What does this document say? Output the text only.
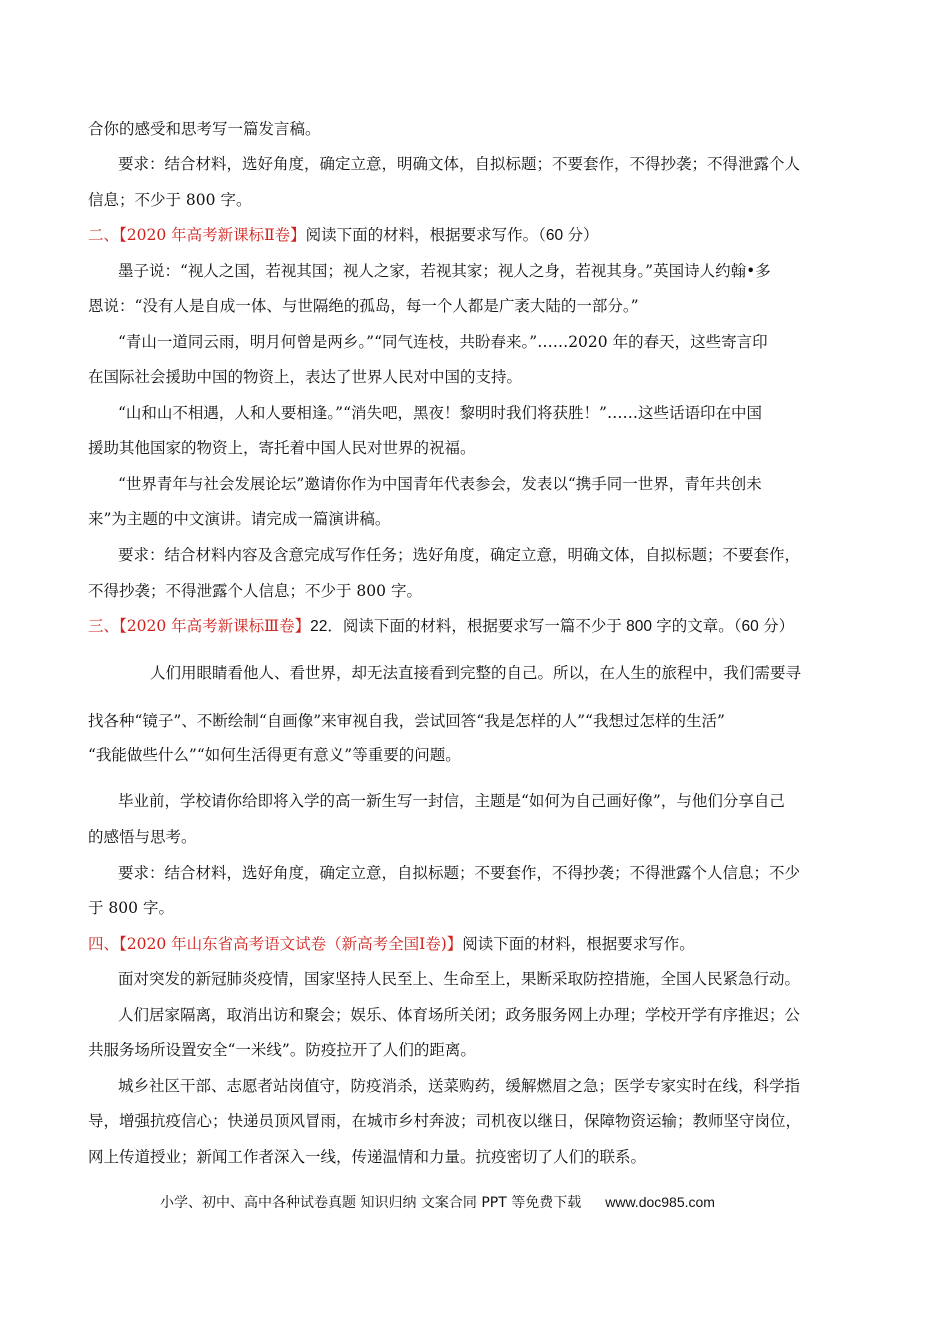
合你的感受和思考写一篇发言稿。
要求：结合材料，选好角度，确定立意，明确文体，自拟标题；不要套作，不得抄袭；不得泄露个人
信息；不少于 800 字。
二、【2020 年高考新课标Ⅱ卷】阅读下面的材料，根据要求写作。（60 分）
墨子说：“视人之国，若视其国；视人之家，若视其家；视人之身，若视其身。”英国诗人约翰•多
恩说：“没有人是自成一体、与世隔绝的孤岛，每一个人都是广袤大陆的一部分。”
“青山一道同云雨，明月何曾是两乡。”“同气连枝，共盼春来。”……2020 年的春天，这些寄言印
在国际社会援助中国的物资上，表达了世界人民对中国的支持。
“山和山不相遇，人和人要相逢。”“消失吧，黑夜！黎明时我们将获胜！”……这些话语印在中国
援助其他国家的物资上，寄托着中国人民对世界的祝福。
“世界青年与社会发展论坛”邀请你作为中国青年代表参会，发表以“携手同一世界，青年共创未
来”为主题的中文演讲。请完成一篇演讲稿。
要求：结合材料内容及含意完成写作任务；选好角度，确定立意，明确文体，自拟标题；不要套作，
不得抄袭；不得泄露个人信息；不少于 800 字。
三、【2020 年高考新课标Ⅲ卷】22．阅读下面的材料，根据要求写一篇不少于 800 字的文章。（60 分）
人们用眼睛看他人、看世界，却无法直接看到完整的自己。所以，在人生的旅程中，我们需要寻
找各种“镜子”、不断绘制“自画像”来审视自我，尝试回答“我是怎样的人”“我想过怎样的生活”
“我能做些什么”“如何生活得更有意义”等重要的问题。
毕业前，学校请你给即将入学的高一新生写一封信，主题是“如何为自己画好像”，与他们分享自己
的感悟与思考。
要求：结合材料，选好角度，确定立意，自拟标题；不要套作，不得抄袭；不得泄露个人信息；不少
于 800 字。
四、【2020 年山东省高考语文试卷（新高考全国Ⅰ卷)】阅读下面的材料，根据要求写作。
面对突发的新冠肺炎疫情，国家坚持人民至上、生命至上，果断采取防控措施，全国人民紧急行动。
人们居家隔离，取消出访和聚会；娱乐、体育场所关闭；政务服务网上办理；学校开学有序推迟；公
共服务场所设置安全“一米线”。防疫拉开了人们的距离。
城乡社区干部、志愿者站岗值守，防疫消杀，送菜购药，缓解燃眉之急；医学专家实时在线，科学指
导，增强抗疫信心；快递员顶风冒雨，在城市乡村奔波；司机夜以继日，保障物资运输；教师坚守岗位，
网上传道授业；新闻工作者深入一线，传递温情和力量。抗疫密切了人们的联系。
小学、初中、高中各种试卷真题 知识归纳 文案合同 PPT 等免费下载 www.doc985.com
